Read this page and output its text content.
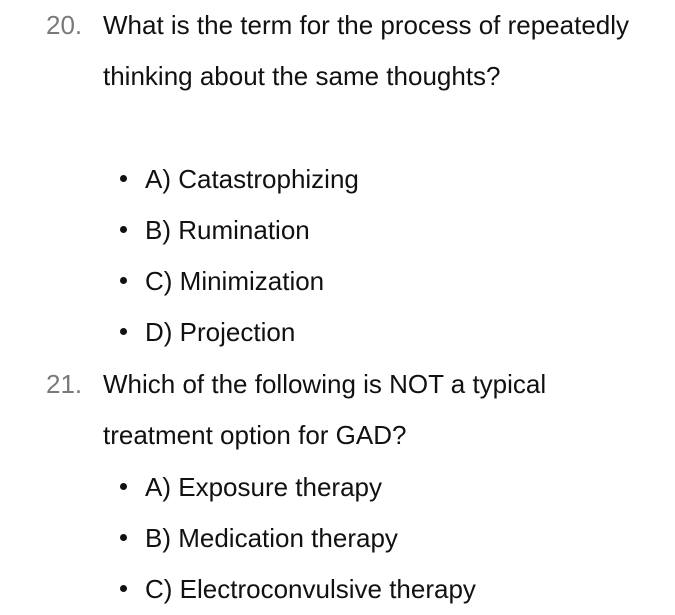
20. What is the term for the process of repeatedly thinking about the same thoughts?
A) Catastrophizing
B) Rumination
C) Minimization
D) Projection
21. Which of the following is NOT a typical treatment option for GAD?
A) Exposure therapy
B) Medication therapy
C) Electroconvulsive therapy
